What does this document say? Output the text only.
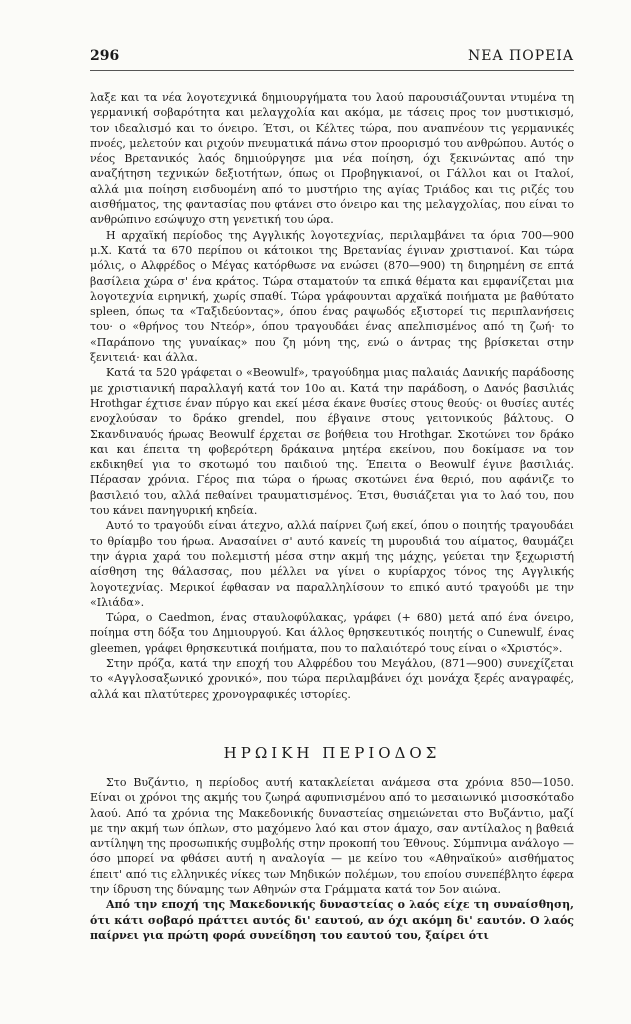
296	ΝΕΑ ΠΟΡΕΙΑ

λαξε και τα νέα λογοτεχνικά δημιουργήματα του λαού παρουσιάζουνται ντυμένα τη γερμανική σοβαρότητα και μελαγχολία και ακόμα, με τάσεις προς τον μυστικισμό, τον ιδεαλισμό και το όνειρο. Έτσι, οι Κέλτες τώρα, που αναπνέουν τις γερμανικές πνοές, μελετούν και ριχούν πνευματικά πάνω στον προορισμό του ανθρώπου. Αυτός ο νέος Βρετανικός λαός δημιούργησε μια νέα ποίηση, όχι ξεκινώντας από την αναζήτηση τεχνικών δεξιοτήτων, όπως οι Προβηγκιανοί, οι Γάλλοι και οι Ιταλοί, αλλά μια ποίηση εισδυομένη από το μυστήριο της αγίας Τριάδος και τις ριζές του αισθήματος, της φαντασίας που φτάνει στο όνειρο και της μελαγχολίας, που είναι το ανθρώπινο εσώψυχο στη γενετική του ώρα.

Η αρχαϊκή περίοδος της Αγγλικής λογοτεχνίας, περιλαμβάνει τα όρια 700—900 μ.Χ. Κατά τα 670 περίπου οι κάτοικοι της Βρετανίας έγιναν χριστιανοί. Και τώρα μόλις, ο Αλφρέδος ο Μέγας κατόρθωσε να ενώσει (870—900) τη διηρημένη σε επτά βασίλεια χώρα σ' ένα κράτος. Τώρα σταματούν τα επικά θέματα και εμφανίζεται μια λογοτεχνία ειρηνική, χωρίς σπαθί. Τώρα γράφουνται αρχαϊκά ποιήματα με βαθύτατο spleen, όπως τα «Ταξιδεύοντας», όπου ένας ραψωδός εξιστορεί τις περιπλανήσεις του· ο «θρήνος του Ντεόρ», όπου τραγουδάει ένας απελπισμένος από τη ζωή· το «Παράπονο της γυναίκας» που ζη μόνη της, ενώ ο άντρας της βρίσκεται στην ξενιτειά· και άλλα.

Κατά τα 520 γράφεται ο «Beowulf», τραγούδημα μιας παλαιάς Δανικής παράδοσης με χριστιανική παραλλαγή κατά τον 10ο αι. Κατά την παράδοση, ο Δανός βασιλιάς Hrothgar έχτισε έναν πύργο και εκεί μέσα έκανε θυσίες στους θεούς· οι θυσίες αυτές ενοχλούσαν το δράκο grendel, που έβγαινε στους γειτονικούς βάλτους. Ο Σκανδιναυός ήρωας Beowulf έρχεται σε βοήθεια του Hrothgar. Σκοτώνει τον δράκο και και έπειτα τη φοβερότερη δράκαινα μητέρα εκείνου, που δοκίμασε να τον εκδικηθεί για το σκοτωμό του παιδιού της. Έπειτα ο Beowulf έγινε βασιλιάς. Πέρασαν χρόνια. Γέρος πια τώρα ο ήρωας σκοτώνει ένα θεριό, που αφάνιζε το βασιλειό του, αλλά πεθαίνει τραυματισμένος. Έτσι, θυσιάζεται για το λαό του, που του κάνει πανηγυρική κηδεία.

Αυτό το τραγούδι είναι άτεχνο, αλλά παίρνει ζωή εκεί, όπου ο ποιητής τραγουδάει το θρίαμβο του ήρωα. Ανασαίνει σ' αυτό κανείς τη μυρουδιά του αίματος, θαυμάζει την άγρια χαρά του πολεμιστή μέσα στην ακμή της μάχης, γεύεται την ξεχωριστή αίσθηση της θάλασσας, που μέλλει να γίνει ο κυρίαρχος τόνος της Αγγλικής λογοτεχνίας. Μερικοί έφθασαν να παραλληλίσουν το επικό αυτό τραγούδι με την «Ιλιάδα».

Τώρα, ο Caedmon, ένας σταυλοφύλακας, γράφει (+ 680) μετά από ένα όνειρο, ποίημα στη δόξα του Δημιουργού. Και άλλος θρησκευτικός ποιητής ο Cunewulf, ένας gleemen, γράφει θρησκευτικά ποιήματα, που το παλαιότερό τους είναι ο «Χριστός».

Στην πρόζα, κατά την εποχή του Αλφρέδου του Μεγάλου, (871—900) συνεχίζεται το «Αγγλοσαξωνικό χρονικό», που τώρα περιλαμβάνει όχι μονάχα ξερές αναγραφές, αλλά και πλατύτερες χρονογραφικές ιστορίες.

ΗΡΩΙΚΗ ΠΕΡΙΟΔΟΣ

Στο Βυζάντιο, η περίοδος αυτή κατακλείεται ανάμεσα στα χρόνια 850—1050. Είναι οι χρόνοι της ακμής του ζωηρά αφυπνισμένου από το μεσαιωνικό μισοσκόταδο λαού. Από τα χρόνια της Μακεδονικής δυναστείας σημειώνεται στο Βυζάντιο, μαζί με την ακμή των όπλων, στο μαχόμενο λαό και στον άμαχο, σαν αντίλαλος η βαθειά αντίληψη της προσωπικής συμβολής στην προκοπή του Έθνους. Σύμπνιμα ανάλογο — όσο μπορεί να φθάσει αυτή η αναλογία — με κείνο του «Αθηναϊκού» αισθήματος έπειτ' από τις ελληνικές νίκες των Μηδικών πολέμων, του εποίου συνεπέβλητο έφερα την ίδρυση της δύναμης των Αθηνών στα Γράμματα κατά τον 5ον αιώνα.

Από την εποχή της Μακεδονικής δυναστείας ο λαός είχε τη συναίσθηση, ότι κάτι σοβαρό πράττει αυτός δι' εαυτού, αν όχι ακόμη δι' εαυτόν. Ο λαός παίρνει για πρώτη φορά συνείδηση του εαυτού του, ξαίρει ότι
